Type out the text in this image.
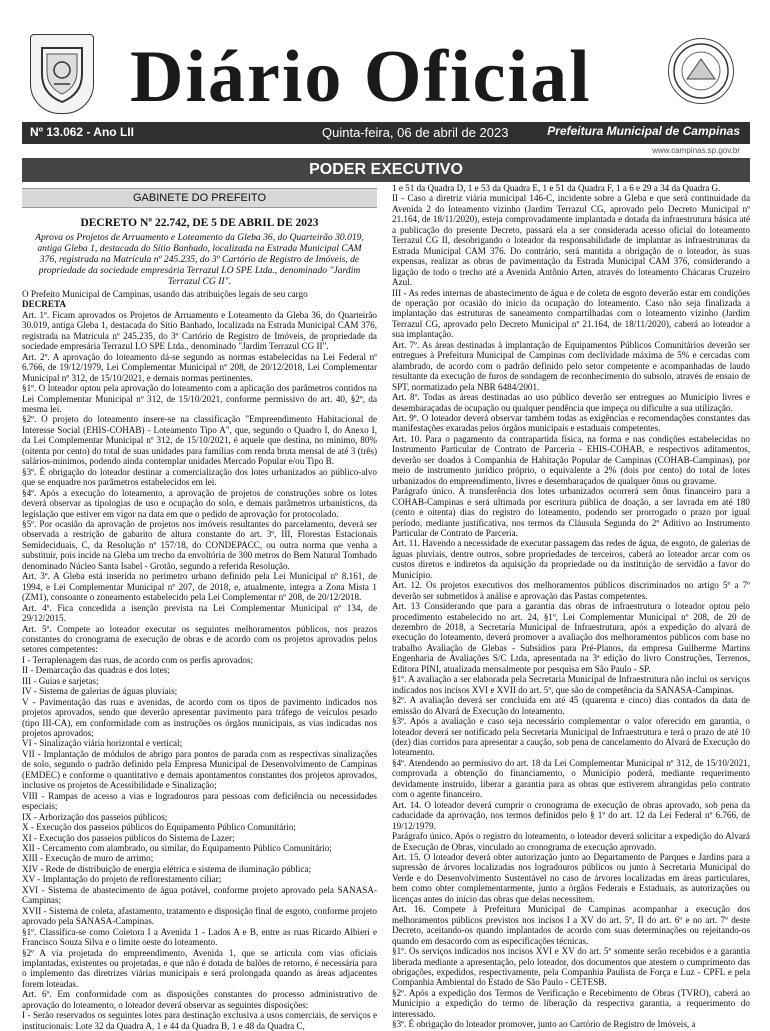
Diário Oficial
Nº 13.062 - Ano LII	Quinta-feira, 06 de abril de 2023	Prefeitura Municipal de Campinas
www.campinas.sp.gov.br
PODER EXECUTIVO
GABINETE DO PREFEITO
DECRETO Nº 22.742, DE 5 DE ABRIL DE 2023
Aprova os Projetos de Arruamento e Loteamento da Gleba 36, do Quarteirão 30.019, antiga Gleba 1, destacada do Sítio Banhado, localizada na Estrada Municipal CAM 376, registrada na Matrícula nº 245.235, do 3º Cartório de Registro de Imóveis, de propriedade da sociedade empresária Terrazul LO SPE Ltda., denominado "Jardim Terrazul CG II".

O Prefeito Municipal de Campinas, usando das atribuições legais de seu cargo

DECRETA

Art. 1º. Ficam aprovados os Projetos de Arruamento e Loteamento da Gleba 36, do Quarteirão 30.019, antiga Gleba 1, destacada do Sítio Banhado, localizada na Estrada Municipal CAM 376, registrada na Matrícula nº 245.235, do 3º Cartório de Registro de Imóveis, de propriedade da sociedade empresária Terrazul LO SPE Ltda., denominado "Jardim Terrazul CG II".

Art. 2º. A aprovação do loteamento dá-se segundo as normas estabelecidas na Lei Federal nº 6.766, de 19/12/1979, Lei Complementar Municipal nº 208, de 20/12/2018, Lei Complementar Municipal nº 312, de 15/10/2021, e demais normas pertinentes.

§1º. O loteador optou pela aprovação do loteamento com a aplicação dos parâmetros contidos na Lei Complementar Municipal nº 312, de 15/10/2021, conforme permissivo do art. 40, §2º, da mesma lei.

§2º. O projeto do loteamento insere-se na classificação "Empreendimento Habitacional de Interesse Social (EHIS-COHAB) - Loteamento Tipo A", que, segundo o Quadro I, do Anexo I, da Lei Complementar Municipal nº 312, de 15/10/2021, é aquele que destina, no mínimo, 80% (oitenta por cento) do total de suas unidades para famílias com renda bruta mensal de até 3 (três) salários-mínimos, podendo ainda contemplar unidades Mercado Popular e/ou Tipo B.

§3º. É obrigação do loteador destinar a comercialização dos lotes urbanizados ao público-alvo que se enquadre nos parâmetros estabelecidos em lei.

§4º. Após a execução do loteamento, a aprovação de projetos de construções sobre os lotes deverá observar as tipologias de uso e ocupação do solo, e demais parâmetros urbanísticos, da legislação que estiver em vigor na data em que o pedido de aprovação for protocolado.

§5º. Por ocasião da aprovação de projetos nos imóveis resultantes do parcelamento, deverá ser observada a restrição de gabarito de altura constante do art. 3º, III, Florestas Estacionais Semideciduais, C, da Resolução nº 157/18, do CONDEPACC, ou outra norma que venha a substituir, pois incide na Gleba um trecho da envoltória de 300 metros do Bem Natural Tombado denominado Núcleo Santa Isabel - Grotão, segundo a referida Resolução.

Art. 3º. A Gleba está inserida no perímetro urbano definido pela Lei Municipal nº 8.161, de 1994, e Lei Complementar Municipal nº 207, de 2018, e, atualmente, integra a Zona Mista 1 (ZM1), consoante o zoneamento estabelecido pela Lei Complementar nº 208, de 20/12/2018.

Art. 4º. Fica concedida a isenção prevista na Lei Complementar Municipal nº 134, de 29/12/2015.

Art. 5º. Compete ao loteador executar os seguintes melhoramentos públicos, nos prazos constantes do cronograma de execução de obras e de acordo com os projetos aprovados pelos setores competentes:

I - Terraplenagem das ruas, de acordo com os perfis aprovados;

II - Demarcação das quadras e dos lotes;

III - Guias e sarjetas;

IV - Sistema de galerias de águas pluviais;

V - Pavimentação das ruas e avenidas, de acordo com os tipos de pavimento indicados nos projetos aprovados, sendo que deverão apresentar pavimento para tráfego de veículos pesado (tipo III-CA), em conformidade com as instruções os órgãos municipais, as vias indicadas nos projetos aprovados;

VI - Sinalização viária horizontal e vertical;

VII - Implantação de módulos de abrigo para pontos de parada com as respectivas sinalizações de solo, segundo o padrão definido pela Empresa Municipal de Desenvolvimento de Campinas (EMDEC) e conforme o quantitativo e demais apontamentos constantes dos projetos aprovados, inclusive os projetos de Acessibilidade e Sinalização;

VIII - Rampas de acesso a vias e logradouros para pessoas com deficiência ou necessidades especiais;

IX - Arborização dos passeios públicos;

X - Execução dos passeios públicos do Equipamento Público Comunitário;

XI - Execução dos passeios públicos do Sistema de Lazer;

XII - Cercamento com alambrado, ou similar, do Equipamento Público Comunitário;

XIII - Execução de muro de arrimo;

XIV - Rede de distribuição de energia elétrica e sistema de iluminação pública;

XV - Implantação do projeto de reflorestamento ciliar;

XVI - Sistema de abastecimento de água potável, conforme projeto aprovado pela SANASA-Campinas;

XVII - Sistema de coleta, afastamento, tratamento e disposição final de esgoto, conforme projeto aprovado pela SANASA-Campinas.

§1º. Classifica-se como Coletora I a Avenida 1 - Lados A e B, entre as ruas Ricardo Albieri e Francisco Souza Silva e o limite oeste do loteamento.

§2º A via projetada do empreendimento, Avenida 1, que se articula com vias oficiais implantadas, existentes ou projetadas, e que não é dotada de balões de retorno, é necessária para o implemento das diretrizes viárias municipais e será prolongada quando as áreas adjacentes forem loteadas.

Art. 6º. Em conformidade com as disposições constantes do processo administrativo de aprovação do loteamento, o loteador deverá observar as seguintes disposições:

I - Serão reservados os seguintes lotes para destinação exclusiva a usos comerciais, de serviços e institucionais: Lote 32 da Quadra A, 1 e 44 da Quadra B, 1 e 48 da Quadra C,

1 e 51 da Quadra D, 1 e 53 da Quadra E, 1 e 51 da Quadra F, 1 a 6 e 29 a 34 da Quadra G.

II - Caso a diretriz viária municipal 146-C, incidente sobre a Gleba e que será continuidade da Avenida 2 do loteamento vizinho (Jardim Terrazul CG, aprovado pelo Decreto Municipal nº 21.164, de 18/11/2020), esteja comprovadamente implantada e dotada da infraestrutura básica até a publicação do presente Decreto, passará ela a ser considerada acesso oficial do loteamento Terrazul CG II, desobrigando o loteador da responsabilidade de implantar as infraestruturas da Estrada Municipal CAM 376. Do contrário, será mantida a obrigação de o loteador, às suas expensas, realizar as obras de pavimentação da Estrada Municipal CAM 376, considerando a ligação de todo o trecho até a Avenida Antônio Arten, através do loteamento Chácaras Cruzeiro Azul.

III - As redes internas de abastecimento de água e de coleta de esgoto deverão estar em condições de operação por ocasião do início da ocupação do loteamento. Caso não seja finalizada a implantação das estruturas de saneamento compartilhadas com o loteamento vizinho (Jardim Terrazul CG, aprovado pelo Decreto Municipal nº 21.164, de 18/11/2020), caberá ao loteador a sua implantação.

Art. 7º. As áreas destinadas à implantação de Equipamentos Públicos Comunitários deverão ser entregues à Prefeitura Municipal de Campinas com declividade máxima de 5% e cercadas com alambrado, de acordo com o padrão definido pelo setor competente e acompanhadas de laudo resultante da execução de furos de sondagem de reconhecimento do subsolo, através de ensaio de SPT, normatizado pela NBR 6484/2001.

Art. 8º. Todas as áreas destinadas ao uso público deverão ser entregues ao Município livres e desembaraçadas de ocupação ou qualquer pendência que impeça ou dificulte a sua utilização.

Art. 9º. O loteador deverá observar também todas as exigências e recomendações constantes das manifestações exaradas pelos órgãos municipais e estaduais competentes.

Art. 10. Para o pagamento da contrapartida física, na forma e nas condições estabelecidas no Instrumento Particular de Contrato de Parceria - EHIS-COHAB, e respectivos aditamentos, deverão ser doados à Companhia de Habitação Popular de Campinas (COHAB-Campinas), por meio de instrumento jurídico próprio, o equivalente a 2% (dois por cento) do total de lotes urbanizados do empreendimento, livres e desembaraçados de qualquer ônus ou gravame.

Parágrafo único. A transferência dos lotes urbanizados ocorrerá sem ônus financeiro para a COHAB-Campinas e será ultimada por escritura pública de doação, a ser lavrada em até 180 (cento e oitenta) dias do registro do loteamento, podendo ser prorrogado o prazo por igual período, mediante justificativa, nos termos da Cláusula Segunda do 2º Aditivo ao Instrumento Particular de Contrato de Parceria.

Art. 11. Havendo a necessidade de executar passagem das redes de água, de esgoto, de galerias de águas pluviais, dentre outros, sobre propriedades de terceiros, caberá ao loteador arcar com os custos diretos e indiretos da aquisição da propriedade ou da instituição de servidão a favor do Município.

Art. 12. Os projetos executivos dos melhoramentos públicos discriminados no artigo 5º a 7º deverão ser submetidos à análise e aprovação das Pastas competentes.

Art. 13 Considerando que para a garantia das obras de infraestrutura o loteador optou pelo procedimento estabelecido no art. 24, §1º, Lei Complementar Municipal nº 208, de 20 de dezembro de 2018, a Secretaria Municipal de Infraestrutura, após a expedição do alvará de execução do loteamento, deverá promover a avaliação dos melhoramentos públicos com base no trabalho Avaliação de Glebas - Subsídios para Pré-Planos, da empresa Guilherme Martins Engenharia de Avaliações S/C Ltda, apresentada na 3ª edição do livro Construções, Terrenos, Editora PINI, atualizada mensalmente por pesquisa em São Paulo - SP.

§1º. A avaliação a ser elaborada pela Secretaria Municipal de Infraestrutura não inclui os serviços indicados nos incisos XVI e XVII do art. 5º, que são de competência da SANASA-Campinas.

§2º. A avaliação deverá ser concluída em até 45 (quarenta e cinco) dias contados da data de emissão do Alvará de Execução do loteamento.

§3º. Após a avaliação e caso seja necessário complementar o valor oferecido em garantia, o loteador deverá ser notificado pela Secretaria Municipal de Infraestrutura e terá o prazo de até 10 (dez) dias corridos para apresentar a caução, sob pena de cancelamento do Alvará de Execução do loteamento.

§4º. Atendendo ao permissivo do art. 18 da Lei Complementar Municipal nº 312, de 15/10/2021, comprovada a obtenção do financiamento, o Município poderá, mediante requerimento devidamente instruído, liberar a garantia para as obras que estiverem abrangidas pelo contrato com o agente financeiro.

Art. 14. O loteador deverá cumprir o cronograma de execução de obras aprovado, sob pena da caducidade da aprovação, nos termos definidos pelo § 1º do art. 12 da Lei Federal nº 6.766, de 19/12/1979.

Parágrafo único. Após o registro do loteamento, o loteador deverá solicitar a expedição do Alvará de Execução de Obras, vinculado ao cronograma de execução aprovado.

Art. 15. O loteador deverá obter autorização junto ao Departamento de Parques e Jardins para a supressão de árvores localizadas nos logradouros públicos ou junto à Secretaria Municipal do Verde e do Desenvolvimento Sustentável no caso de árvores localizadas em áreas particulares, bem como obter complementarmente, junto a órgãos Federais e Estaduais, as autorizações ou licenças antes do início das obras que delas necessitem.

Art. 16. Compete à Prefeitura Municipal de Campinas acompanhar a execução dos melhoramentos públicos previstos nos incisos I a XV do art. 5º, II do art. 6º e no art. 7º deste Decreto, aceitando-os quando implantados de acordo com suas determinações ou rejeitando-os quando em desacordo com as especificações técnicas.

§1º. Os serviços indicados nos incisos XVI e XV do art. 5º somente serão recebidos e a garantia liberada mediante a apresentação, pelo loteador, dos documentos que atestem o cumprimento das obrigações, expedidos, respectivamente, pela Companhia Paulista de Força e Luz - CPFL e pela Companhia Ambiental do Estado de São Paulo - CETESB.

§2º. Após a expedição dos Termos de Verificação e Recebimento de Obras (TVRO), caberá ao Município a expedição do termo de liberação da respectiva garantia, a requerimento do interessado.

§3º. É obrigação do loteador promover, junto ao Cartório de Registro de Imóveis, a
